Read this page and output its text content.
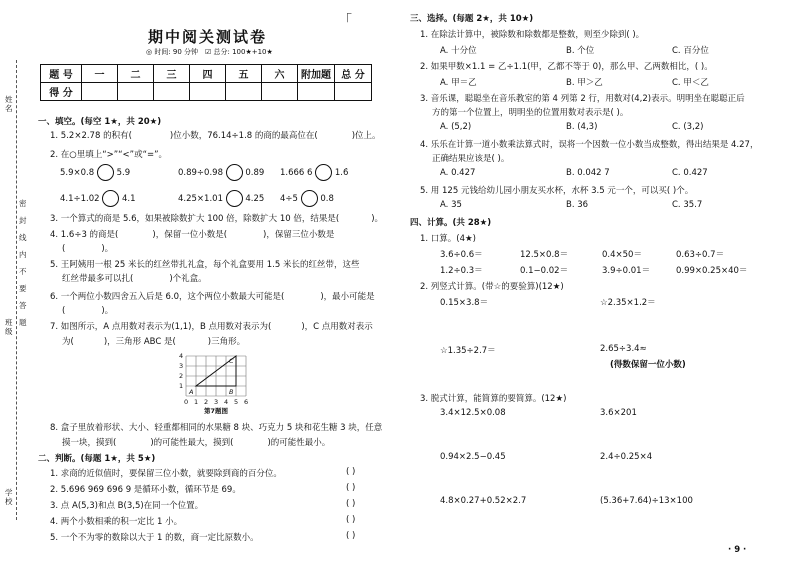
姓名
班级
学校
密封线内不要答题
「
期中阅关测试卷
◎ 时间: 90 分钟 ☑ 总分: 100★+10★
题 号	一	二	三	四	五	六	附加题	总 分
得 分								
一、填空。(每空 1★，共 20★)
1. 5.2×2.78 的积有(	)位小数，76.14÷1.8 的商的最高位在(	)位上。
2. 在○里填上“>”“<”或“=”。
5.9×0.8	5.9	0.89÷0.98	0.89 1.666 6	1.6̇
4.1÷1.02	4.1	4.25×1.01	4.25 4÷5	0.8
3. 一个算式的商是 5.6，如果被除数扩大 100 倍，除数扩大 10 倍，结果是(	)。
4. 1.6÷3 的商是(	)，保留一位小数是(	)，保留三位小数是
(	)。
5. 王阿姨用一根 25 米长的红丝带扎礼盒，每个礼盒要用 1.5 米长的红丝带，这些
红丝带最多可以扎(	)个礼盒。
6. 一个两位小数四舍五入后是 6.0，这个两位小数最大可能是(	)，最小可能是
(	)。
7. 如图所示，A 点用数对表示为(1,1)，B 点用数对表示为(	)，C 点用数对表示
为(	)，三角形 ABC 是(	)三角形。
A	B
C
0 1 2 3 4 5 6
1
2
3
4
第7题图
8. 盒子里放着形状、大小、轻重都相同的水果糖 8 块、巧克力 5 块和花生糖 3 块，任意
摸一块，摸到(	)的可能性最大，摸到(	)的可能性最小。
二、判断。(每题 1★，共 5★)
1. 求商的近似值时，要保留三位小数，就要除到商的百分位。
2. 5.696 969 696 9 是循环小数，循环节是 69。
3. 点 A(5,3)和点 B(3,5)在同一个位置。
4. 两个小数相乘的积一定比 1 小。
5. 一个不为零的数除以大于 1 的数，商一定比原数小。
( )
( )
( )
( )
( )
三、选择。(每题 2★，共 10★)
1. 在除法计算中，被除数和除数都是整数，则至少除到( )。
A. 十分位	B. 个位	C. 百分位
2. 如果甲数×1.1 = 乙÷1.1(甲，乙都不等于 0)，那么甲、乙两数相比，( )。
A. 甲＝乙	B. 甲＞乙	C. 甲＜乙
3. 音乐课，聪聪坐在音乐教室的第 4 列第 2 行，用数对(4,2)表示。明明坐在聪聪正后
方的第一个位置上，明明坐的位置用数对表示是( )。
A. (5,2)	B. (4,3)	C. (3,2)
4. 乐乐在计算一道小数乘法算式时，误将一个因数一位小数当成整数，得出结果是 4.27，
正确结果应该是( )。
A. 0.427	B. 0.042 7	C. 0.427
5. 用 125 元钱给幼儿园小朋友买水杯，水杯 3.5 元一个，可以买( )个。
A. 35	B. 36	C. 35.7
四、计算。(共 28★)
1. 口算。(4★)
3.6÷0.6＝	12.5×0.8＝	0.4×50＝	0.63÷0.7＝
1.2÷0.3＝	0.1−0.02＝	3.9÷0.01＝	0.99×0.25×40＝
2. 列竖式计算。(带☆的要验算)(12★)
0.15×3.8＝	☆2.35×1.2＝
☆1.35÷2.7＝	2.65÷3.4≈
(得数保留一位小数)
3. 脱式计算，能简算的要简算。(12★)
3.4×12.5×0.08	3.6×201
0.94×2.5−0.45	2.4÷0.25×4
4.8×0.27+0.52×2.7	(5.36+7.64)÷13×100
· 9 ·
